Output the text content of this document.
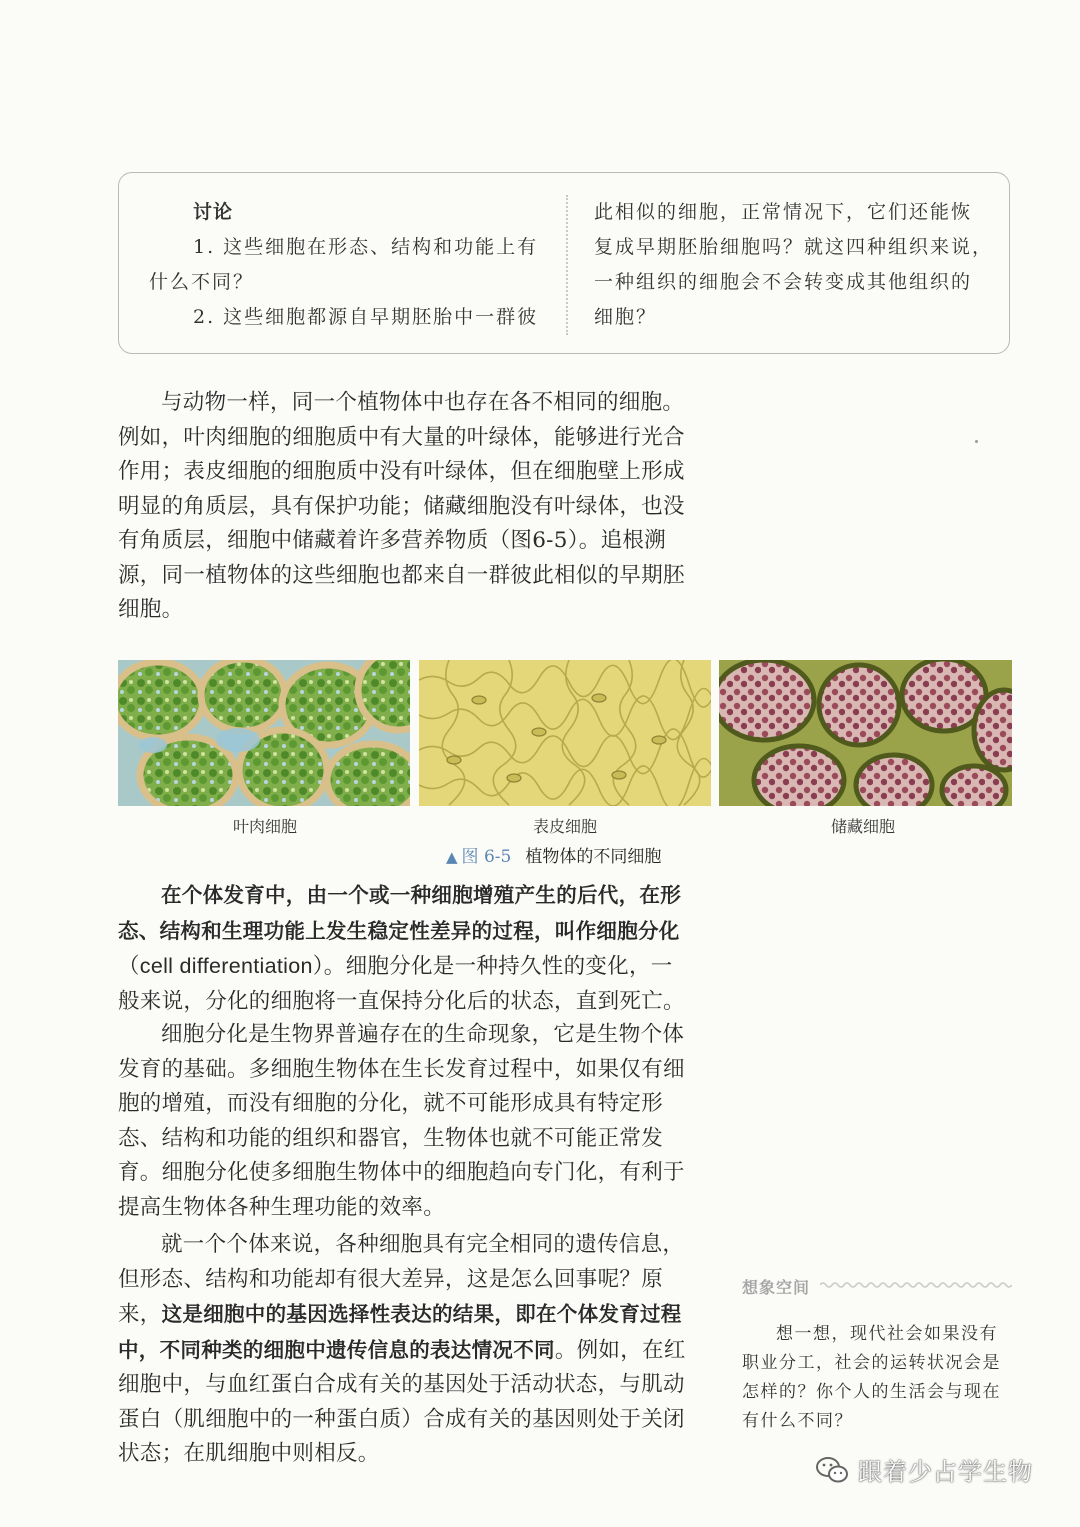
讨论

1. 这些细胞在形态、结构和功能上有

什么不同？

2. 这些细胞都源自早期胚胎中一群彼

此相似的细胞，正常情况下，它们还能恢

复成早期胚胎细胞吗？就这四种组织来说，

一种组织的细胞会不会转变成其他组织的

细胞？

与动物一样，同一个植物体中也存在各不相同的细胞。例如，叶肉细胞的细胞质中有大量的叶绿体，能够进行光合作用；表皮细胞的细胞质中没有叶绿体，但在细胞壁上形成明显的角质层，具有保护功能；储藏细胞没有叶绿体，也没有角质层，细胞中储藏着许多营养物质（图6-5）。追根溯源，同一植物体的这些细胞也都来自一群彼此相似的早期胚细胞。

叶肉细胞	表皮细胞	储藏细胞
▲ 图 6-5 植物体的不同细胞

在个体发育中，由一个或一种细胞增殖产生的后代，在形态、结构和生理功能上发生稳定性差异的过程，叫作细胞分化（cell differentiation）。细胞分化是一种持久性的变化，一般来说，分化的细胞将一直保持分化后的状态，直到死亡。

细胞分化是生物界普遍存在的生命现象，它是生物个体发育的基础。多细胞生物体在生长发育过程中，如果仅有细胞的增殖，而没有细胞的分化，就不可能形成具有特定形态、结构和功能的组织和器官，生物体也就不可能正常发育。细胞分化使多细胞生物体中的细胞趋向专门化，有利于提高生物体各种生理功能的效率。

就一个个体来说，各种细胞具有完全相同的遗传信息，但形态、结构和功能却有很大差异，这是怎么回事呢？原来，这是细胞中的基因选择性表达的结果，即在个体发育过程中，不同种类的细胞中遗传信息的表达情况不同。例如，在红细胞中，与血红蛋白合成有关的基因处于活动状态，与肌动蛋白（肌细胞中的一种蛋白质）合成有关的基因则处于关闭状态；在肌细胞中则相反。

想象空间

想一想，现代社会如果没有职业分工，社会的运转状况会是怎样的？你个人的生活会与现在有什么不同？

跟着少占学生物
